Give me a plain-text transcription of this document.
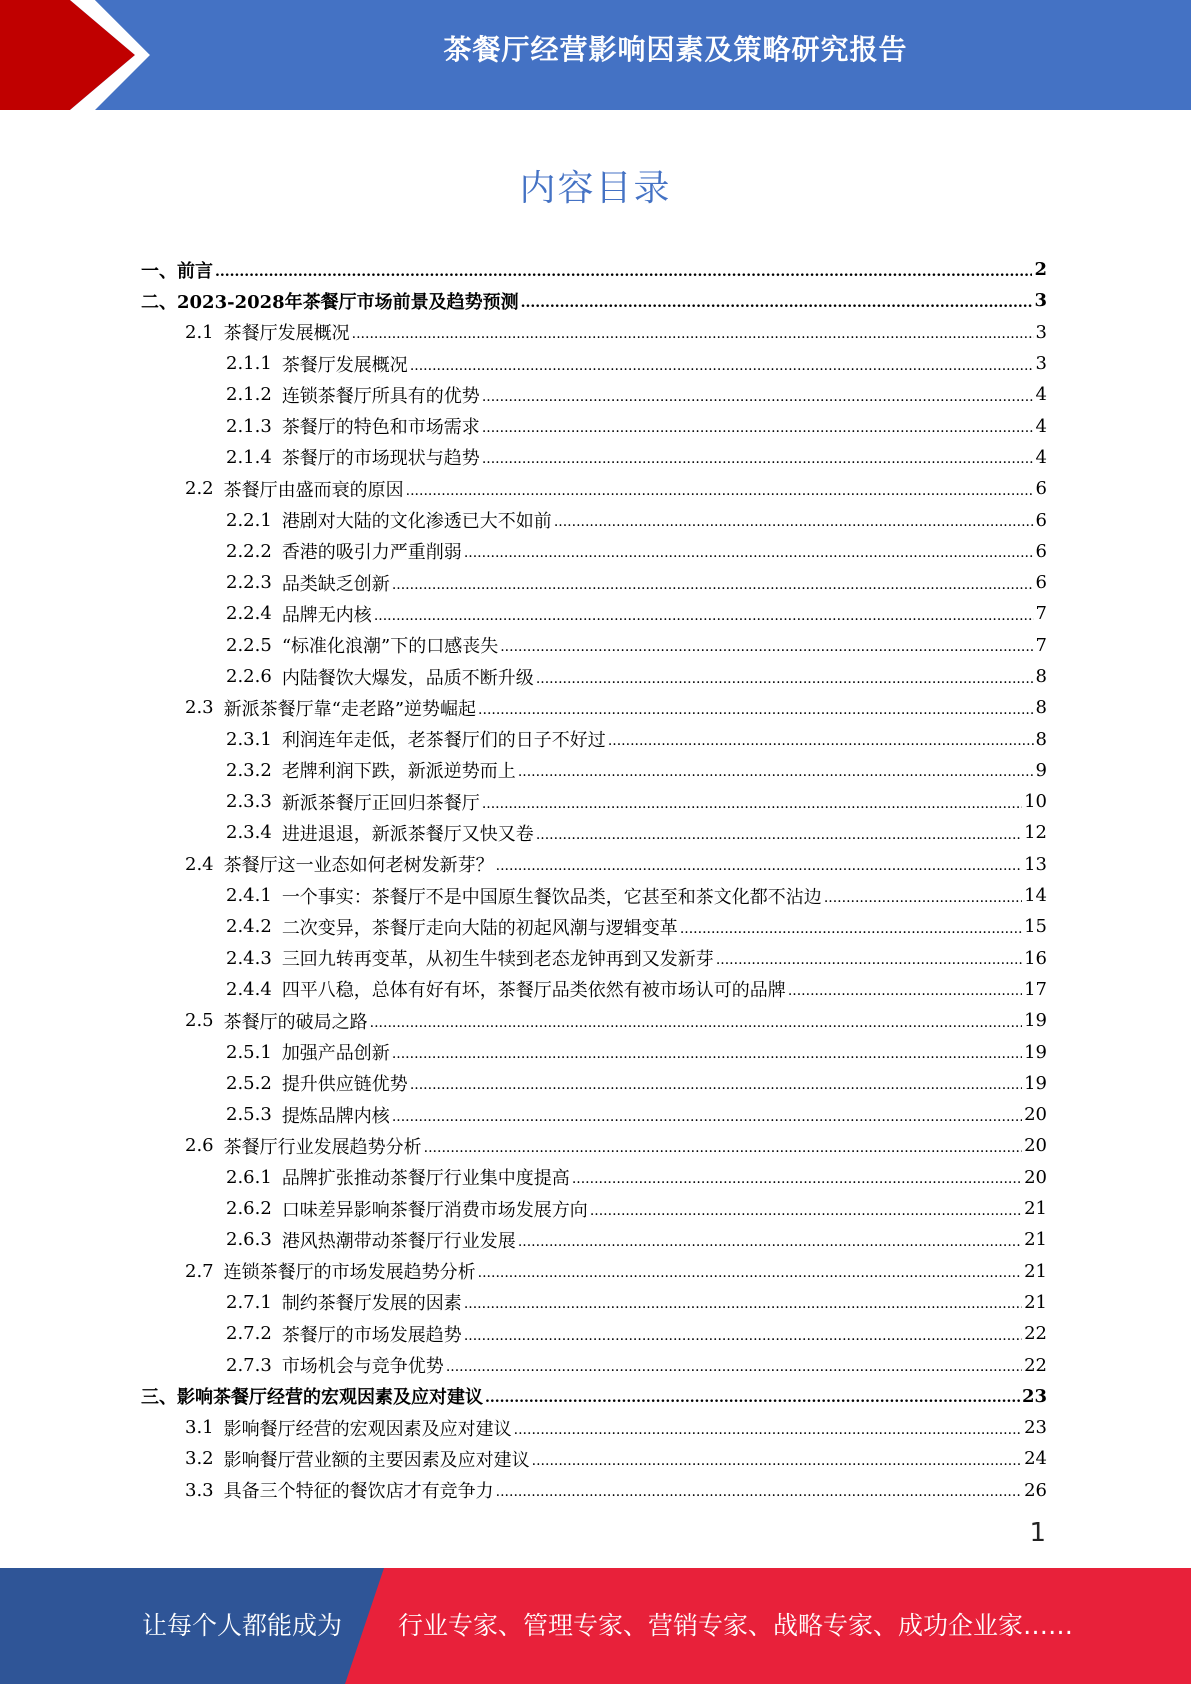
茶餐厅经营影响因素及策略研究报告
内容目录
一、 前言 .....	2
二、 2023-2028年茶餐厅市场前景及趋势预测 .....	3
2.1 茶餐厅发展概况 .....	3
2.1.1 茶餐厅发展概况 .....	3
2.1.2 连锁茶餐厅所具有的优势 .....	4
2.1.3 茶餐厅的特色和市场需求 .....	4
2.1.4 茶餐厅的市场现状与趋势 .....	4
2.2 茶餐厅由盛而衰的原因 .....	6
2.2.1 港剧对大陆的文化渗透已大不如前 .....	6
2.2.2 香港的吸引力严重削弱 .....	6
2.2.3 品类缺乏创新 .....	6
2.2.4 品牌无内核 .....	7
2.2.5 “标准化浪潮”下的口感丧失 .....	7
2.2.6 内陆餐饮大爆发，品质不断升级 .....	8
2.3 新派茶餐厅靠“走老路”逆势崛起 .....	8
2.3.1 利润连年走低，老茶餐厅们的日子不好过 .....	8
2.3.2 老牌利润下跌，新派逆势而上 .....	9
2.3.3 新派茶餐厅正回归茶餐厅 .....	10
2.3.4 进进退退，新派茶餐厅又快又卷 .....	12
2.4 茶餐厅这一业态如何老树发新芽？ .....	13
2.4.1 一个事实：茶餐厅不是中国原生餐饮品类，它甚至和茶文化都不沾边 .....	14
2.4.2 二次变异，茶餐厅走向大陆的初起风潮与逻辑变革 .....	15
2.4.3 三回九转再变革，从初生牛犊到老态龙钟再到又发新芽 .....	16
2.4.4 四平八稳，总体有好有坏，茶餐厅品类依然有被市场认可的品牌 .....	17
2.5 茶餐厅的破局之路 .....	19
2.5.1 加强产品创新 .....	19
2.5.2 提升供应链优势 .....	19
2.5.3 提炼品牌内核 .....	20
2.6 茶餐厅行业发展趋势分析 .....	20
2.6.1 品牌扩张推动茶餐厅行业集中度提高 .....	20
2.6.2 口味差异影响茶餐厅消费市场发展方向 .....	21
2.6.3 港风热潮带动茶餐厅行业发展 .....	21
2.7 连锁茶餐厅的市场发展趋势分析 .....	21
2.7.1 制约茶餐厅发展的因素 .....	21
2.7.2 茶餐厅的市场发展趋势 .....	22
2.7.3 市场机会与竞争优势 .....	22
三、 影响茶餐厅经营的宏观因素及应对建议 .....	23
3.1 影响餐厅经营的宏观因素及应对建议 .....	23
3.2 影响餐厅营业额的主要因素及应对建议 .....	24
3.3 具备三个特征的餐饮店才有竞争力 .....	26
1
让每个人都能成为 行业专家、管理专家、营销专家、战略专家、成功企业家……
